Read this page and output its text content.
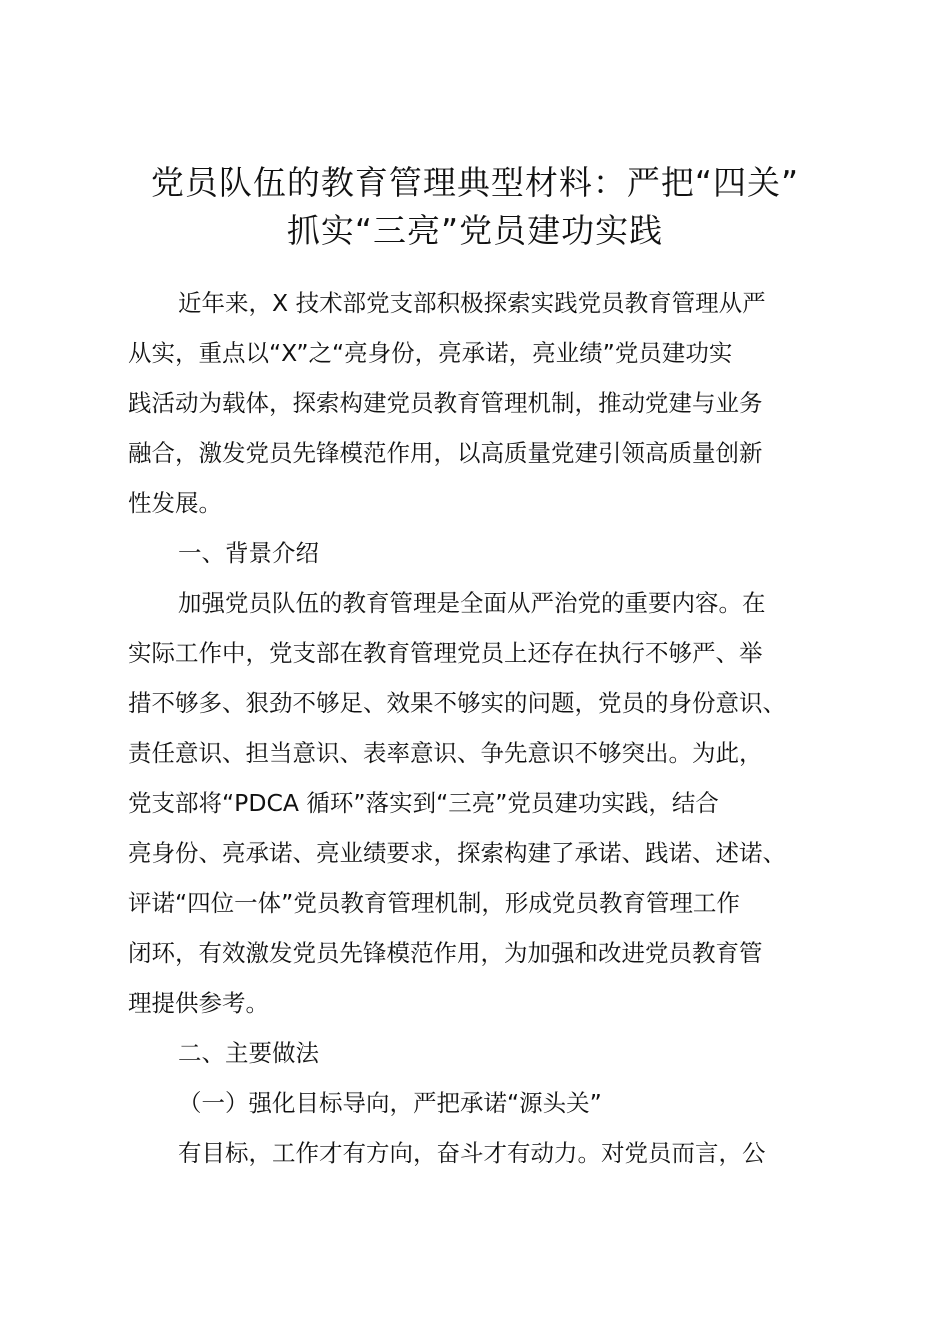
党员队伍的教育管理典型材料：严把“四关”
抓实“三亮”党员建功实践
近年来，X 技术部党支部积极探索实践党员教育管理从严
从实，重点以“X”之“亮身份，亮承诺，亮业绩”党员建功实
践活动为载体，探索构建党员教育管理机制，推动党建与业务
融合，激发党员先锋模范作用，以高质量党建引领高质量创新
性发展。
一、背景介绍
加强党员队伍的教育管理是全面从严治党的重要内容。在
实际工作中，党支部在教育管理党员上还存在执行不够严、举
措不够多、狠劲不够足、效果不够实的问题，党员的身份意识、
责任意识、担当意识、表率意识、争先意识不够突出。为此，
党支部将“PDCA 循环”落实到“三亮”党员建功实践，结合
亮身份、亮承诺、亮业绩要求，探索构建了承诺、践诺、述诺、
评诺“四位一体”党员教育管理机制，形成党员教育管理工作
闭环，有效激发党员先锋模范作用，为加强和改进党员教育管
理提供参考。
二、主要做法
（一）强化目标导向，严把承诺“源头关”
有目标，工作才有方向，奋斗才有动力。对党员而言，公
